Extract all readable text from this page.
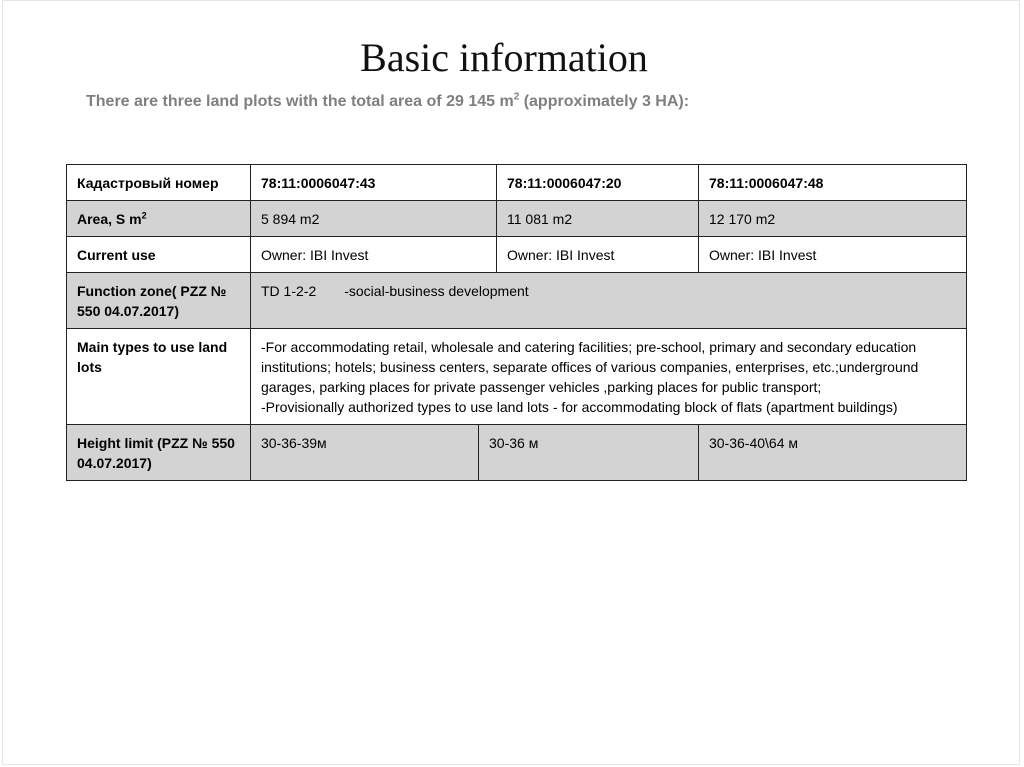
Basic information
There are three land plots with the total area of 29 145 $m^2$ (approximately 3 HA):
Кадастровый номер	78:11:0006047:43		78:11:0006047:20	78:11:0006047:48
Area, S $m^2$	5 894 m2		11 081 m2	12 170 m2
Current use	Owner: IBI Invest		Owner: IBI Invest	Owner: IBI Invest
Function zone( PZZ № 550 04.07.2017)	TD 1-2-2 -social-business development			
Main types to use land lots	-For accommodating retail, wholesale and catering facilities; pre-school, primary and secondary education institutions; hotels; business centers, separate offices of various companies, enterprises, etc.;underground garages, parking places for private passenger vehicles ,parking places for public transport;
-Provisionally authorized types to use land lots - for accommodating block of flats (apartment buildings)			

Height limit (PZZ № 550 04.07.2017)	30-36-39м	30-36 м		30-36-40\64 м
